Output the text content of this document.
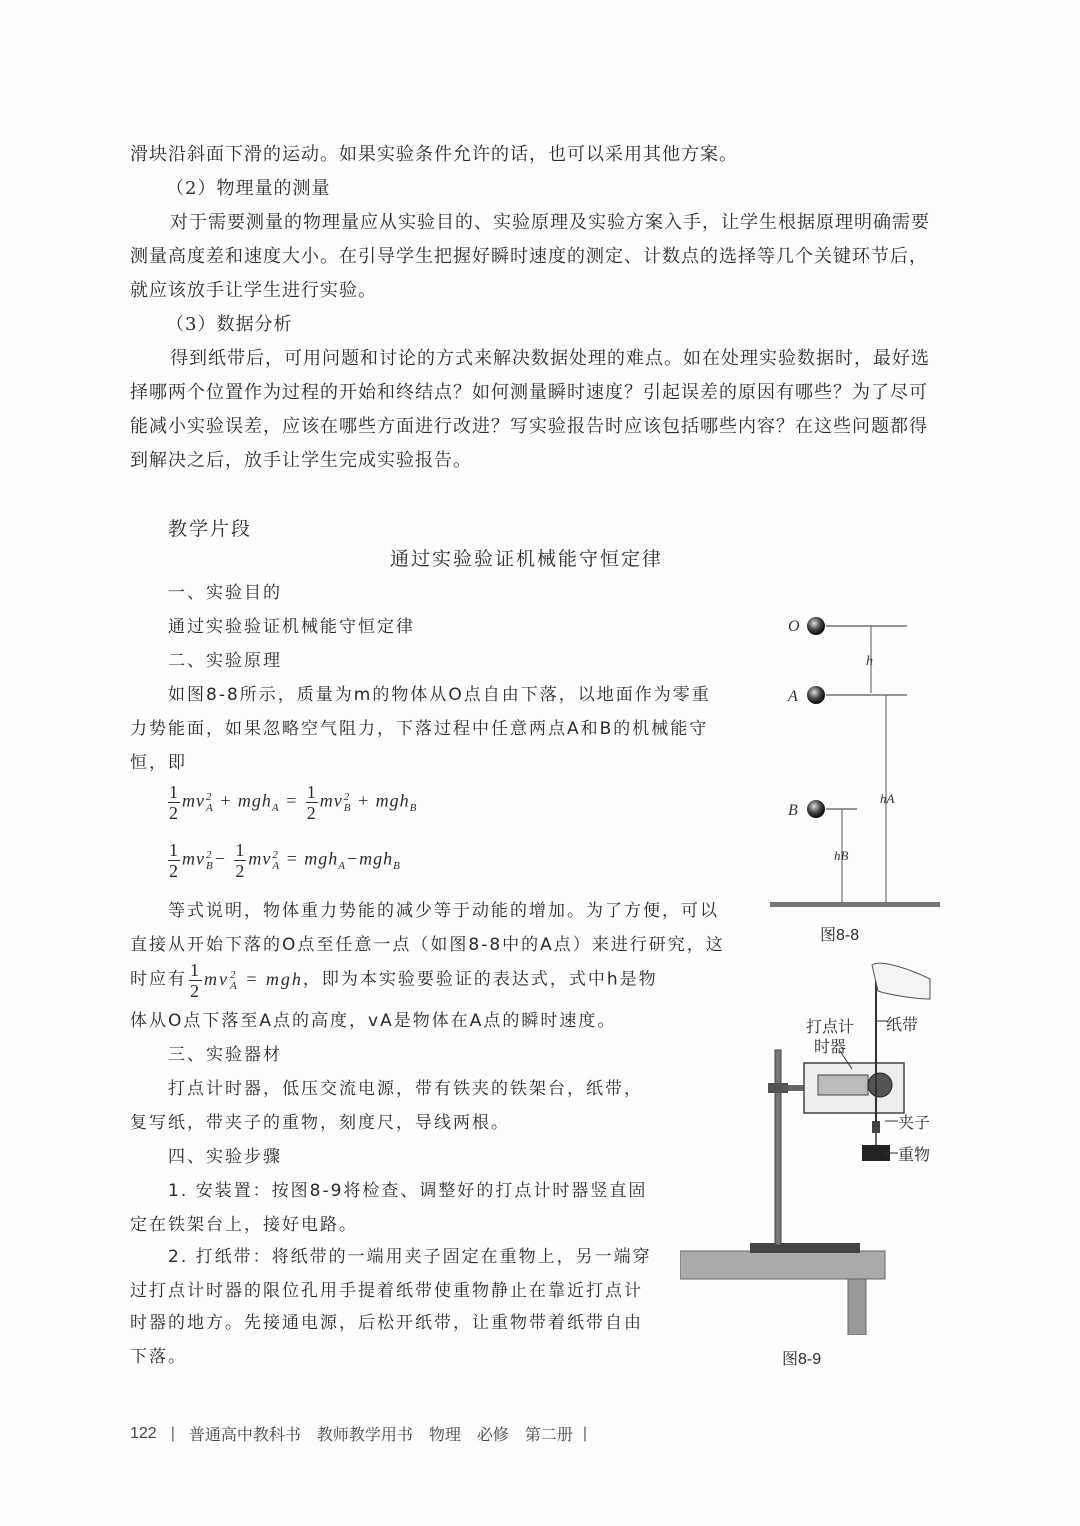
滑块沿斜面下滑的运动。如果实验条件允许的话，也可以采用其他方案。
（2）物理量的测量
对于需要测量的物理量应从实验目的、实验原理及实验方案入手，让学生根据原理明确需要测量高度差和速度大小。在引导学生把握好瞬时速度的测定、计数点的选择等几个关键环节后，就应该放手让学生进行实验。
（3）数据分析
得到纸带后，可用问题和讨论的方式来解决数据处理的难点。如在处理实验数据时，最好选择哪两个位置作为过程的开始和终结点？如何测量瞬时速度？引起误差的原因有哪些？为了尽可能减小实验误差，应该在哪些方面进行改进？写实验报告时应该包括哪些内容？在这些问题都得到解决之后，放手让学生完成实验报告。
教学片段
通过实验验证机械能守恒定律
一、实验目的
通过实验验证机械能守恒定律
二、实验原理
如图8-8所示，质量为m的物体从O点自由下落，以地面作为零重
力势能面，如果忽略空气阻力，下落过程中任意两点A和B的机械能守
恒，即
$\frac{1}{2}$ mv 2
$A + mgh_A = \frac{1}{2}$ mv 2
B + mgh$_B$
$\frac{1}{2}$ mv 2
$B - \frac{1}{2}$ mv 2
A = mgh$_A$−mgh$_B$
等式说明，物体重力势能的减少等于动能的增加。为了方便，可以
直接从开始下落的O点至任意一点（如图8-8中的A点）来进行研究，这
时应有 $\frac{1}{2}$ mv 2
A = mgh，即为本实验要验证的表达式，式中h是物
体从O点下落至A点的高度，vA是物体在A点的瞬时速度。
三、实验器材
打点计时器，低压交流电源，带有铁夹的铁架台，纸带，
复写纸，带夹子的重物，刻度尺，导线两根。
四、实验步骤
1. 安装置：按图8-9将检查、调整好的打点计时器竖直固
定在铁架台上，接好电路。
2. 打纸带：将纸带的一端用夹子固定在重物上，另一端穿
过打点计时器的限位孔用手提着纸带使重物静止在靠近打点计
时器的地方。先接通电源，后松开纸带，让重物带着纸带自由
下落。
O
h
A
hA
B
hB
图8-8
打点计
时器
纸带
夹子
重物
图8-9
122 | 普通高中教科书　教师教学用书　物理　必修　第二册 |
